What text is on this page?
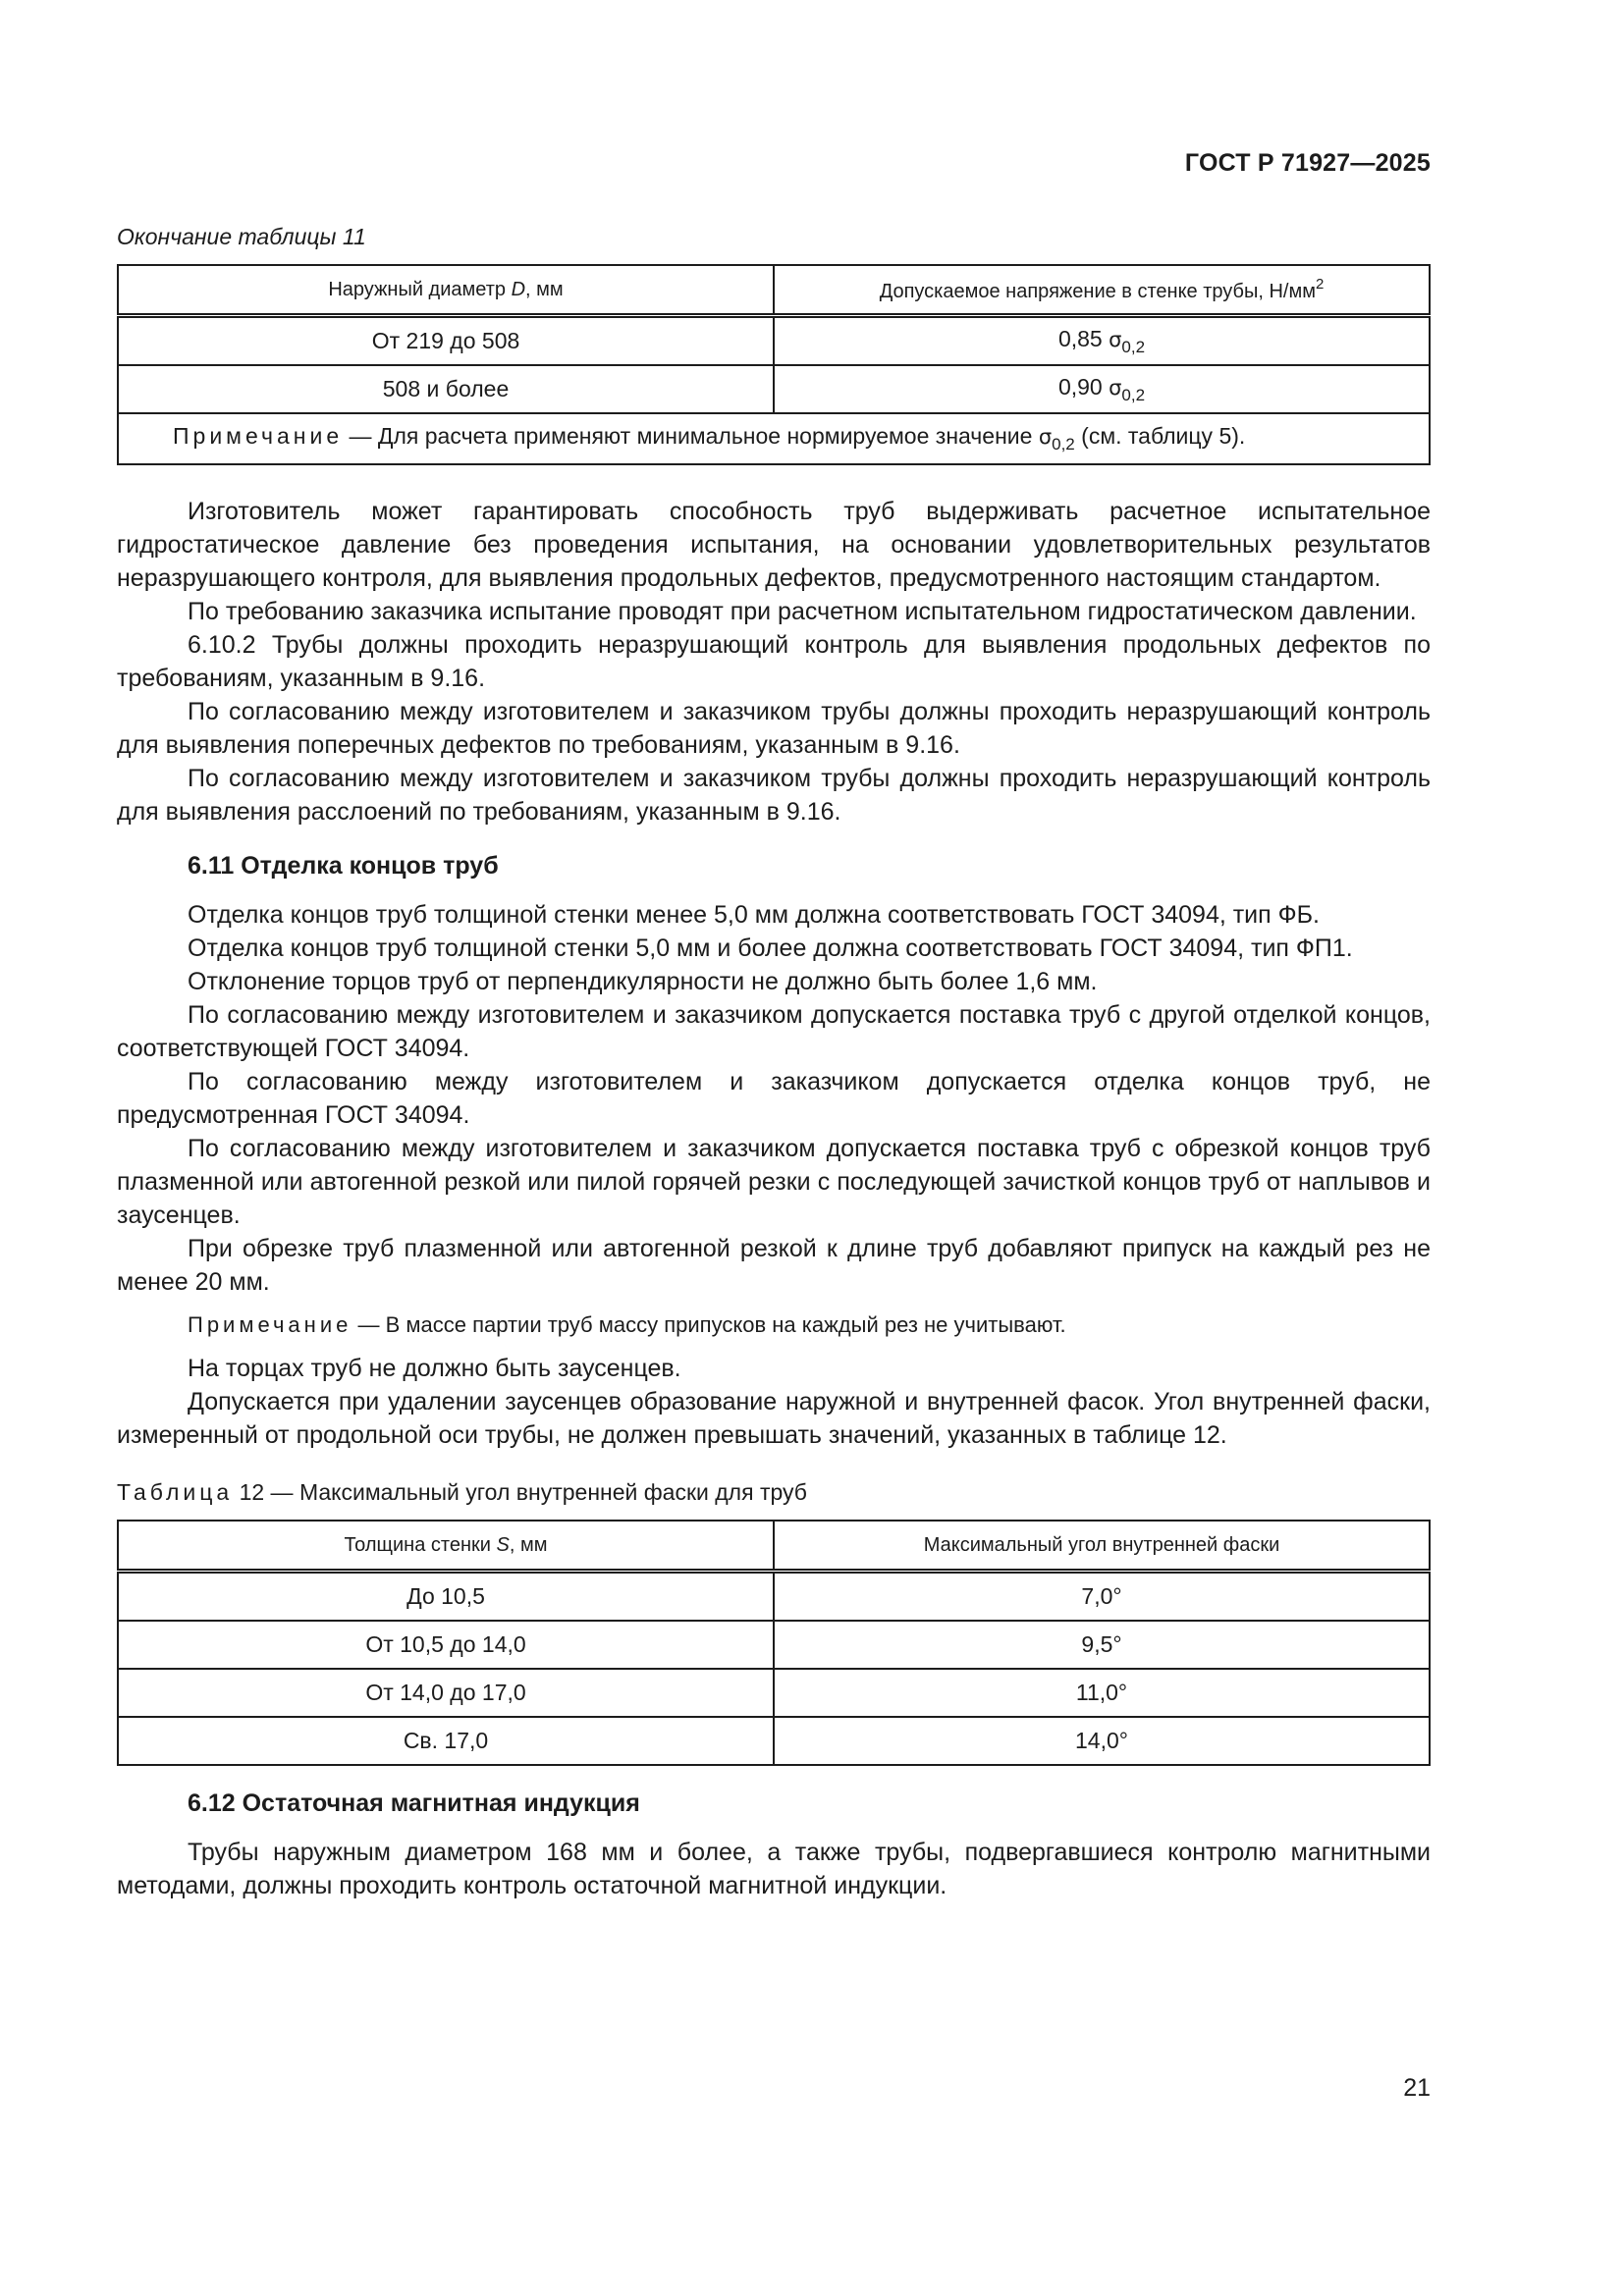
ГОСТ Р 71927—2025
Окончание таблицы 11
Наружный диаметр D, мм	Допускаемое напряжение в стенке трубы, $Н/мм^2$
От 219 до 508	0,85 $\sigma_{0,2}$
508 и более	0,90 $\sigma_{0,2}$
Примечание — Для расчета применяют минимальное нормируемое значение $\sigma_{0,2}$ (см. таблицу 5).	

Изготовитель может гарантировать способность труб выдерживать расчетное испытательное гидростатическое давление без проведения испытания, на основании удовлетворительных результатов неразрушающего контроля, для выявления продольных дефектов, предусмотренного настоящим стандартом.

По требованию заказчика испытание проводят при расчетном испытательном гидростатическом давлении.

6.10.2 Трубы должны проходить неразрушающий контроль для выявления продольных дефектов по требованиям, указанным в 9.16.

По согласованию между изготовителем и заказчиком трубы должны проходить неразрушающий контроль для выявления поперечных дефектов по требованиям, указанным в 9.16.

По согласованию между изготовителем и заказчиком трубы должны проходить неразрушающий контроль для выявления расслоений по требованиям, указанным в 9.16.

6.11 Отделка концов труб

Отделка концов труб толщиной стенки менее 5,0 мм должна соответствовать ГОСТ 34094, тип ФБ.

Отделка концов труб толщиной стенки 5,0 мм и более должна соответствовать ГОСТ 34094, тип ФП1.

Отклонение торцов труб от перпендикулярности не должно быть более 1,6 мм.

По согласованию между изготовителем и заказчиком допускается поставка труб с другой отделкой концов, соответствующей ГОСТ 34094.

По согласованию между изготовителем и заказчиком допускается отделка концов труб, не предусмотренная ГОСТ 34094.

По согласованию между изготовителем и заказчиком допускается поставка труб с обрезкой концов труб плазменной или автогенной резкой или пилой горячей резки с последующей зачисткой концов труб от наплывов и заусенцев.

При обрезке труб плазменной или автогенной резкой к длине труб добавляют припуск на каждый рез не менее 20 мм.

Примечание — В массе партии труб массу припусков на каждый рез не учитывают.

На торцах труб не должно быть заусенцев.

Допускается при удалении заусенцев образование наружной и внутренней фасок. Угол внутренней фаски, измеренный от продольной оси трубы, не должен превышать значений, указанных в таблице 12.

Таблица 12 — Максимальный угол внутренней фаски для труб
Толщина стенки S, мм	Максимальный угол внутренней фаски
До 10,5	7,0°
От 10,5 до 14,0	9,5°
От 14,0 до 17,0	11,0°
Св. 17,0	14,0°
6.12 Остаточная магнитная индукция

Трубы наружным диаметром 168 мм и более, а также трубы, подвергавшиеся контролю магнитными методами, должны проходить контроль остаточной магнитной индукции.

21
